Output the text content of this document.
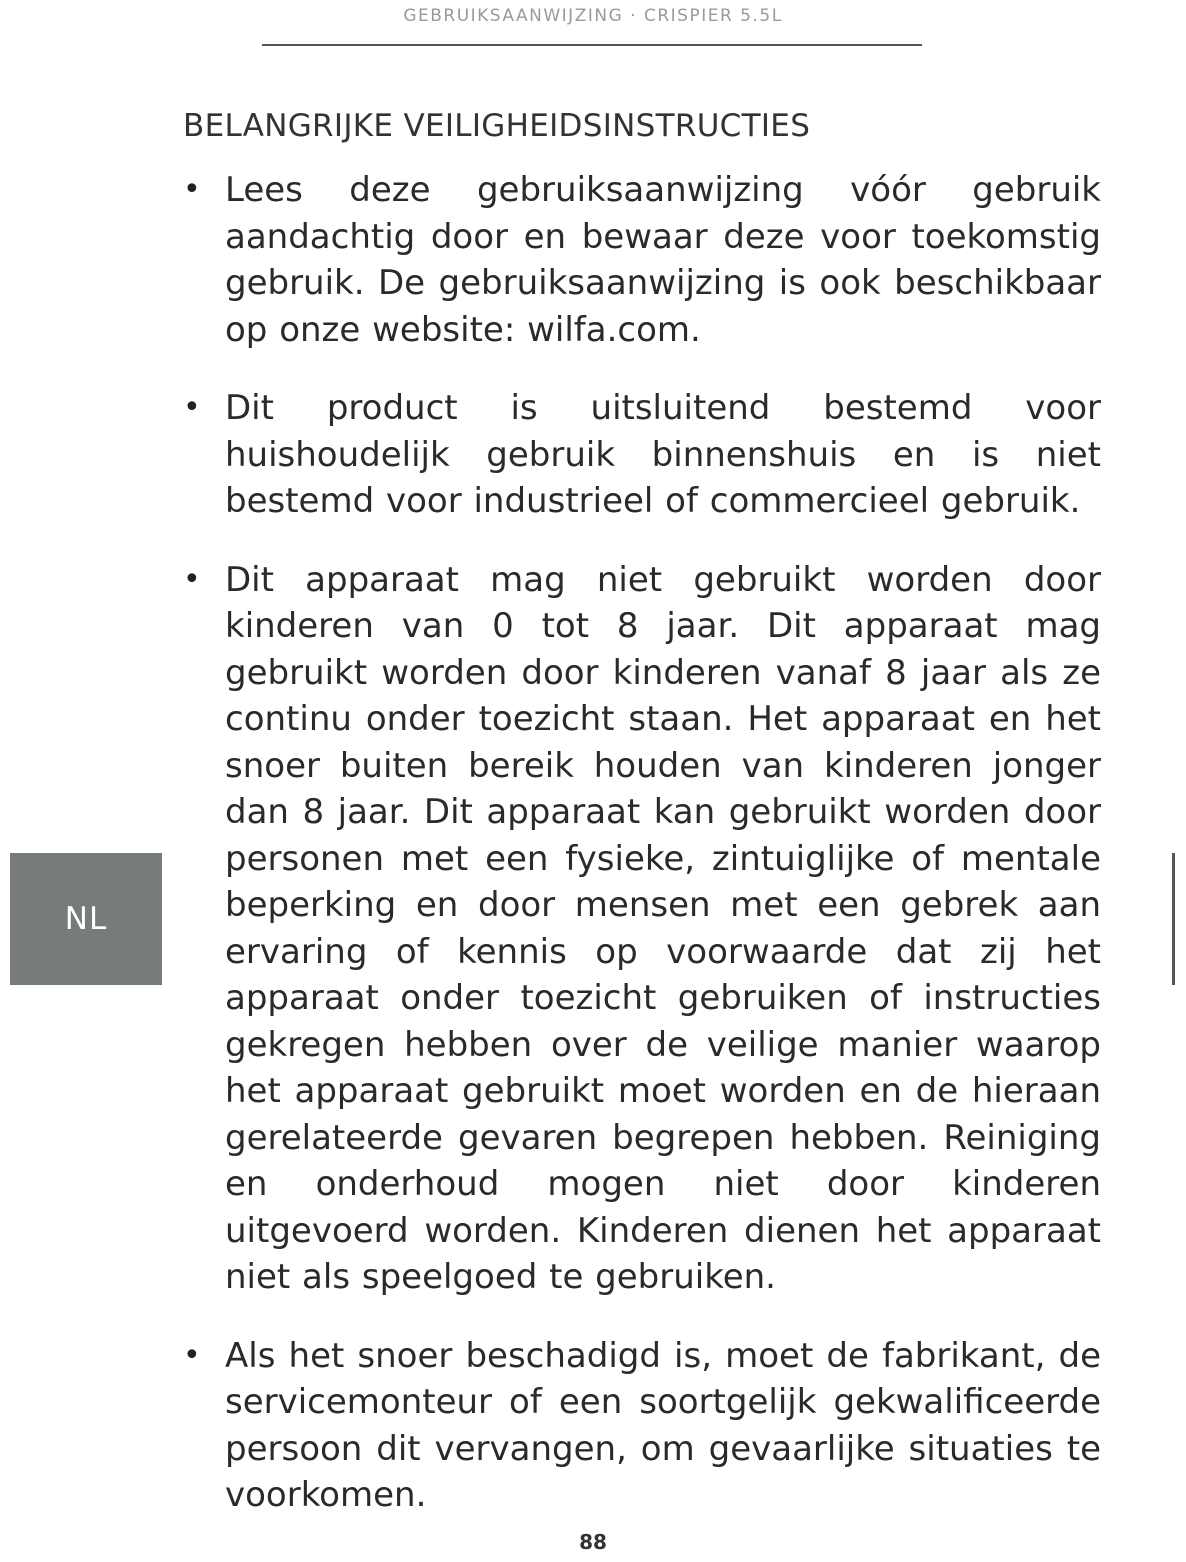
GEBRUIKSAANWIJZING · CRISPIER 5.5L
BELANGRIJKE VEILIGHEIDSINSTRUCTIES
• Lees deze gebruiksaanwijzing vóór gebruik aandachtig door en bewaar deze voor toekomstig gebruik. De gebruiksaanwijzing is ook beschikbaar op onze website: wilfa.com.

• Dit product is uitsluitend bestemd voor huishoudelijk gebruik binnenshuis en is niet bestemd voor industrieel of commercieel gebruik.

• Dit apparaat mag niet gebruikt worden door kinderen van 0 tot 8 jaar. Dit apparaat mag gebruikt worden door kinderen vanaf 8 jaar als ze continu onder toezicht staan. Het apparaat en het snoer buiten bereik houden van kinderen jonger dan 8 jaar. Dit apparaat kan gebruikt worden door personen met een fysieke, zintuiglijke of mentale beperking en door mensen met een gebrek aan ervaring of kennis op voorwaarde dat zij het apparaat onder toezicht gebruiken of instructies gekregen hebben over de veilige manier waarop het apparaat gebruikt moet worden en de hieraan gerelateerde gevaren begrepen hebben. Reiniging en onderhoud mogen niet door kinderen uitgevoerd worden. Kinderen dienen het apparaat niet als speelgoed te gebruiken.

• Als het snoer beschadigd is, moet de fabrikant, de servicemonteur of een soortgelijk gekwalificeerde persoon dit vervangen, om gevaarlijke situaties te voorkomen.

NL
88
